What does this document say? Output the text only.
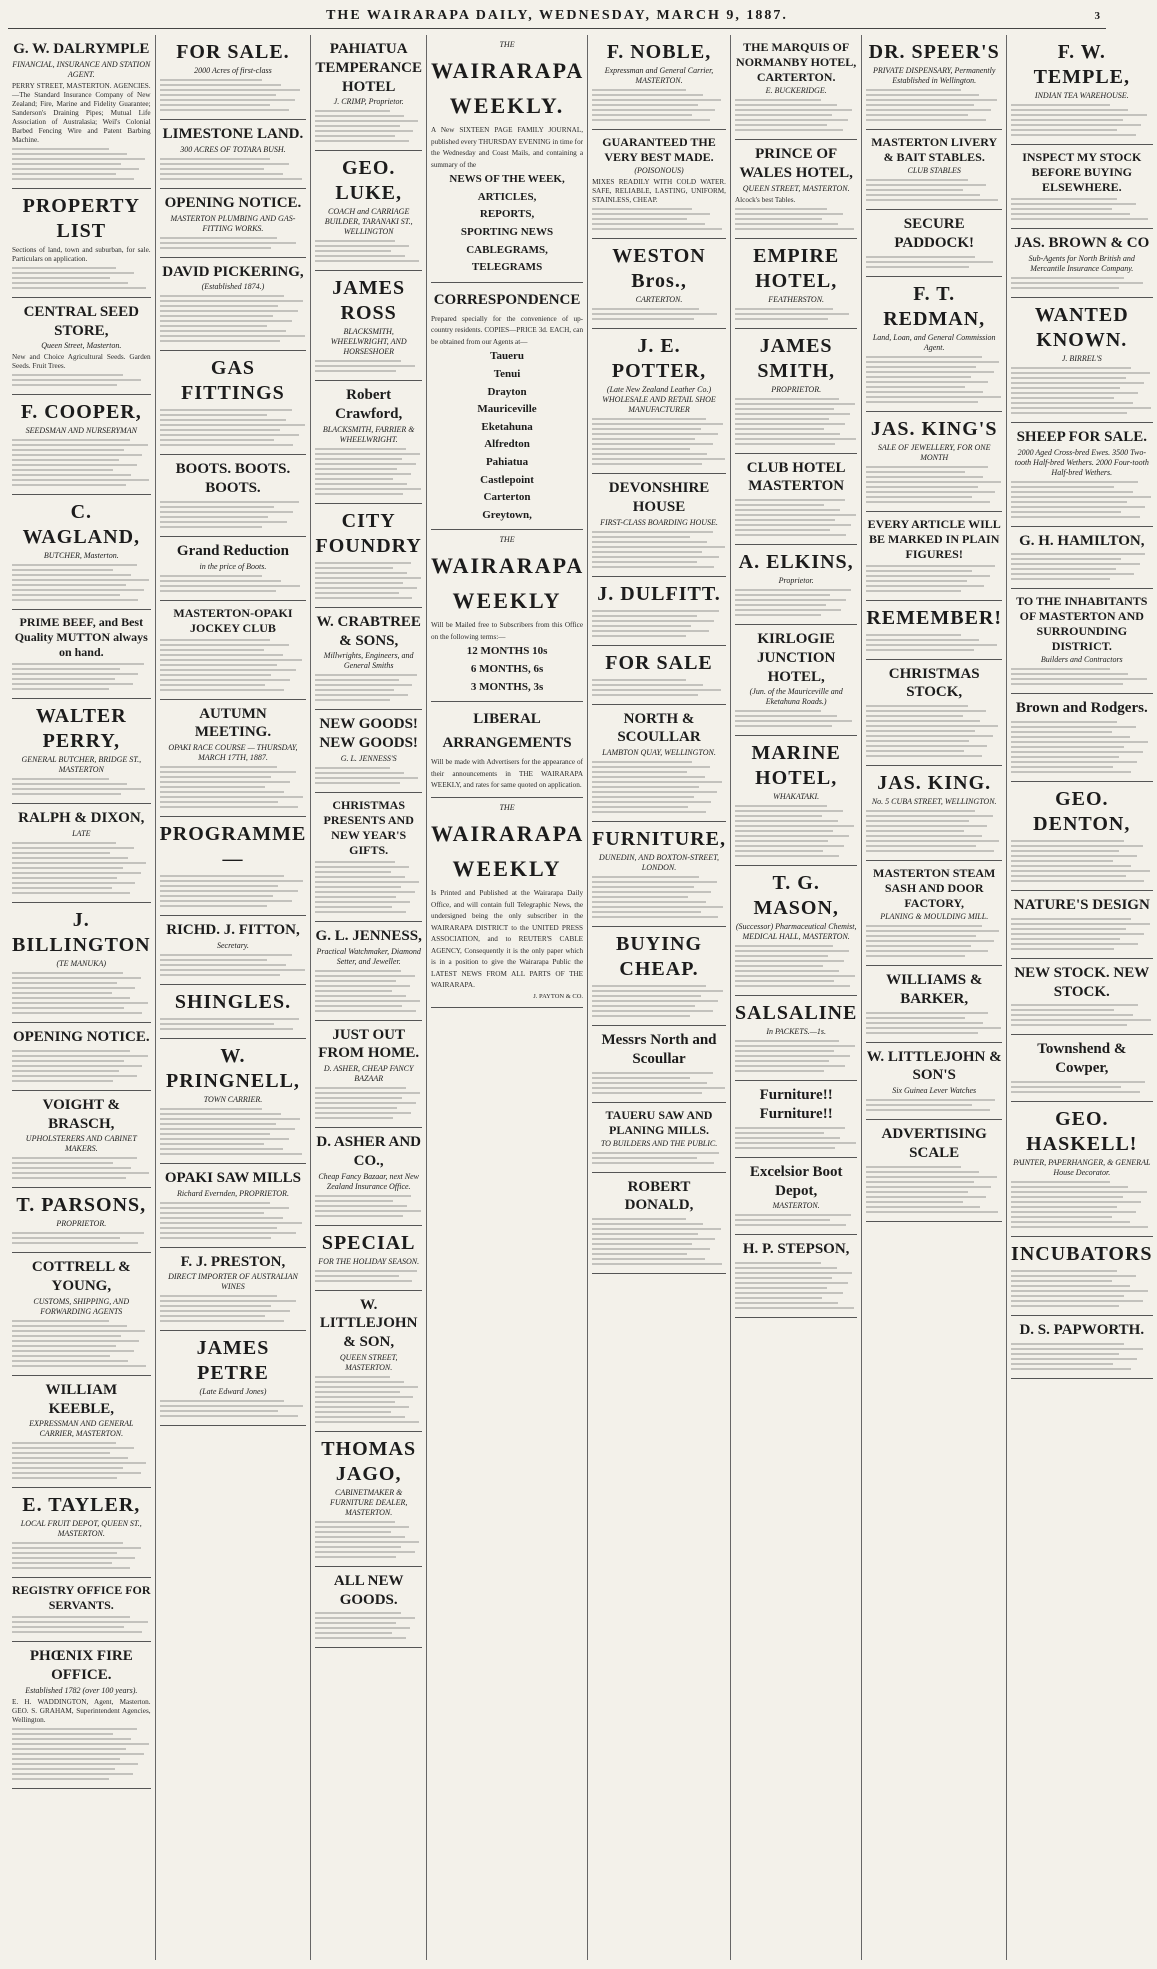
THE WAIRARAPA DAILY, WEDNESDAY, MARCH 9, 1887.	3
G. W. DALRYMPLE
FINANCIAL, INSURANCE AND STATION AGENT.
PERRY STREET, MASTERTON. AGENCIES.—The Standard Insurance Company of New Zealand; Fire, Marine and Fidelity Guarantee; Sanderson's Draining Pipes; Mutual Life Association of Australasia; Weil's Colonial Barbed Fencing Wire and Patent Barbing Machine.
PROPERTY LIST
Sections of land, town and suburban, for sale. Particulars on application.
CENTRAL SEED STORE,
Queen Street, Masterton.
New and Choice Agricultural Seeds. Garden Seeds. Fruit Trees.
F. COOPER,
SEEDSMAN AND NURSERYMAN
C. WAGLAND,
BUTCHER, Masterton.
PRIME BEEF, and Best Quality MUTTON always on hand.
WALTER PERRY,
GENERAL BUTCHER, BRIDGE ST., MASTERTON
RALPH & DIXON,
LATE
J. BILLINGTON
(TE MANUKA)
OPENING NOTICE.
VOIGHT & BRASCH,
UPHOLSTERERS AND CABINET MAKERS.
T. PARSONS,
PROPRIETOR.
COTTRELL & YOUNG,
CUSTOMS, SHIPPING, AND FORWARDING AGENTS
WILLIAM KEEBLE,
EXPRESSMAN AND GENERAL CARRIER, MASTERTON.
E. TAYLER,
LOCAL FRUIT DEPOT, QUEEN ST., MASTERTON.
REGISTRY OFFICE FOR SERVANTS.
PHŒNIX FIRE OFFICE.
Established 1782 (over 100 years).
E. H. WADDINGTON, Agent, Masterton. GEO. S. GRAHAM, Superintendent Agencies, Wellington.
FOR SALE.
2000 Acres of first-class
LIMESTONE LAND.
300 ACRES OF TOTARA BUSH.
OPENING NOTICE.
MASTERTON PLUMBING AND GAS-FITTING WORKS.
DAVID PICKERING,
(Established 1874.)
GAS FITTINGS
BOOTS. BOOTS. BOOTS.
Grand Reduction
in the price of Boots.
MASTERTON-OPAKI JOCKEY CLUB
AUTUMN MEETING.
OPAKI RACE COURSE — THURSDAY, MARCH 17TH, 1887.
PROGRAMME—
RICHD. J. FITTON,
Secretary.
SHINGLES.
W. PRINGNELL,
TOWN CARRIER.
OPAKI SAW MILLS
Richard Evernden, PROPRIETOR.
F. J. PRESTON,
DIRECT IMPORTER OF AUSTRALIAN WINES
JAMES PETRE
(Late Edward Jones)
PAHIATUA TEMPERANCE HOTEL
J. CRIMP, Proprietor.
GEO. LUKE,
COACH and CARRIAGE BUILDER, TARANAKI ST., WELLINGTON
JAMES ROSS
BLACKSMITH, WHEELWRIGHT, AND HORSESHOER
Robert Crawford,
BLACKSMITH, FARRIER & WHEELWRIGHT.
CITY FOUNDRY
W. CRABTREE & SONS,
Millwrights, Engineers, and General Smiths
NEW GOODS! NEW GOODS!
G. L. JENNESS'S
CHRISTMAS PRESENTS AND NEW YEAR'S GIFTS.
G. L. JENNESS,
Practical Watchmaker, Diamond Setter, and Jeweller.
JUST OUT FROM HOME.
D. ASHER, CHEAP FANCY BAZAAR
D. ASHER AND CO.,
Cheap Fancy Bazaar, next New Zealand Insurance Office.
SPECIAL
FOR THE HOLIDAY SEASON.
W. LITTLEJOHN & SON,
QUEEN STREET, MASTERTON.
THOMAS JAGO,
CABINETMAKER & FURNITURE DEALER, MASTERTON.
ALL NEW GOODS.
THE
WAIRARAPA WEEKLY.
A New SIXTEEN PAGE FAMILY JOURNAL, published every THURSDAY EVENING in time for the Wednesday and Coast Mails, and containing a summary of the
NEWS OF THE WEEK,
ARTICLES,
REPORTS,
SPORTING NEWS
CABLEGRAMS,
TELEGRAMS
CORRESPONDENCE
Prepared specially for the convenience of up-country residents. COPIES—PRICE 3d. EACH, can be obtained from our Agents at—
Taueru
Tenui
Drayton
Mauriceville
Eketahuna
Alfredton
Pahiatua
Castlepoint
Carterton
Greytown,
THE
WAIRARAPA WEEKLY
Will be Mailed free to Subscribers from this Office on the following terms:—
12 MONTHS 10s
6 MONTHS, 6s
3 MONTHS, 3s
LIBERAL ARRANGEMENTS
Will be made with Advertisers for the appearance of their announcements in THE WAIRARAPA WEEKLY, and rates for same quoted on application.
THE
WAIRARAPA WEEKLY
Is Printed and Published at the Wairarapa Daily Office, and will contain full Telegraphic News, the undersigned being the only subscriber in the WAIRARAPA DISTRICT to the UNITED PRESS ASSOCIATION, and to REUTER'S CABLE AGENCY, Consequently it is the only paper which is in a position to give the Wairarapa Public the LATEST NEWS FROM ALL PARTS OF THE WAIRARAPA.
J. PAYTON & CO.
F. NOBLE,
Expressman and General Carrier, MASTERTON.
GUARANTEED THE VERY BEST MADE.
(POISONOUS)
MIXES READILY WITH COLD WATER. SAFE, RELIABLE, LASTING, UNIFORM, STAINLESS, CHEAP.
WESTON Bros.,
CARTERTON.
J. E. POTTER,
(Late New Zealand Leather Co.) WHOLESALE AND RETAIL SHOE MANUFACTURER
DEVONSHIRE HOUSE
FIRST-CLASS BOARDING HOUSE.
J. DULFITT.
FOR SALE
NORTH & SCOULLAR
LAMBTON QUAY, WELLINGTON.
FURNITURE,
DUNEDIN, AND BOXTON-STREET, LONDON.
BUYING CHEAP.
Messrs North and Scoullar
TAUERU SAW AND PLANING MILLS.
TO BUILDERS AND THE PUBLIC.
ROBERT DONALD,
THE MARQUIS OF NORMANBY HOTEL, CARTERTON.
E. BUCKERIDGE.
PRINCE OF WALES HOTEL,
QUEEN STREET, MASTERTON.
Alcock's best Tables.
EMPIRE HOTEL,
FEATHERSTON.
JAMES SMITH,
PROPRIETOR.
CLUB HOTEL MASTERTON
A. ELKINS,
Proprietor.
KIRLOGIE JUNCTION HOTEL,
(Jun. of the Mauriceville and Eketahuna Roads.)
MARINE HOTEL,
WHAKATAKI.
T. G. MASON,
(Successor) Pharmaceutical Chemist, MEDICAL HALL, MASTERTON.
SALSALINE
In PACKETS.—1s.
Furniture!! Furniture!!
Excelsior Boot Depot,
MASTERTON.
H. P. STEPSON,
DR. SPEER'S
PRIVATE DISPENSARY, Permanently Established in Wellington.
MASTERTON LIVERY & BAIT STABLES.
CLUB STABLES
SECURE PADDOCK!
F. T. REDMAN,
Land, Loan, and General Commission Agent.
JAS. KING'S
SALE OF JEWELLERY, FOR ONE MONTH
EVERY ARTICLE WILL BE MARKED IN PLAIN FIGURES!
REMEMBER!
CHRISTMAS STOCK,
JAS. KING.
No. 5 CUBA STREET, WELLINGTON.
MASTERTON STEAM SASH AND DOOR FACTORY,
PLANING & MOULDING MILL.
WILLIAMS & BARKER,
W. LITTLEJOHN & SON'S
Six Guinea Lever Watches
ADVERTISING SCALE
F. W. TEMPLE,
INDIAN TEA WAREHOUSE.
INSPECT MY STOCK BEFORE BUYING ELSEWHERE.
JAS. BROWN & CO
Sub-Agents for North British and Mercantile Insurance Company.
WANTED KNOWN.
J. BIRREL'S
SHEEP FOR SALE.
2000 Aged Cross-bred Ewes. 3500 Two-tooth Half-bred Wethers. 2000 Four-tooth Half-bred Wethers.
G. H. HAMILTON,
TO THE INHABITANTS OF MASTERTON AND SURROUNDING DISTRICT.
Builders and Contractors
Brown and Rodgers.
GEO. DENTON,
NATURE'S DESIGN
NEW STOCK. NEW STOCK.
Townshend & Cowper,
GEO. HASKELL!
PAINTER, PAPERHANGER, & GENERAL House Decorator.
INCUBATORS
D. S. PAPWORTH.
